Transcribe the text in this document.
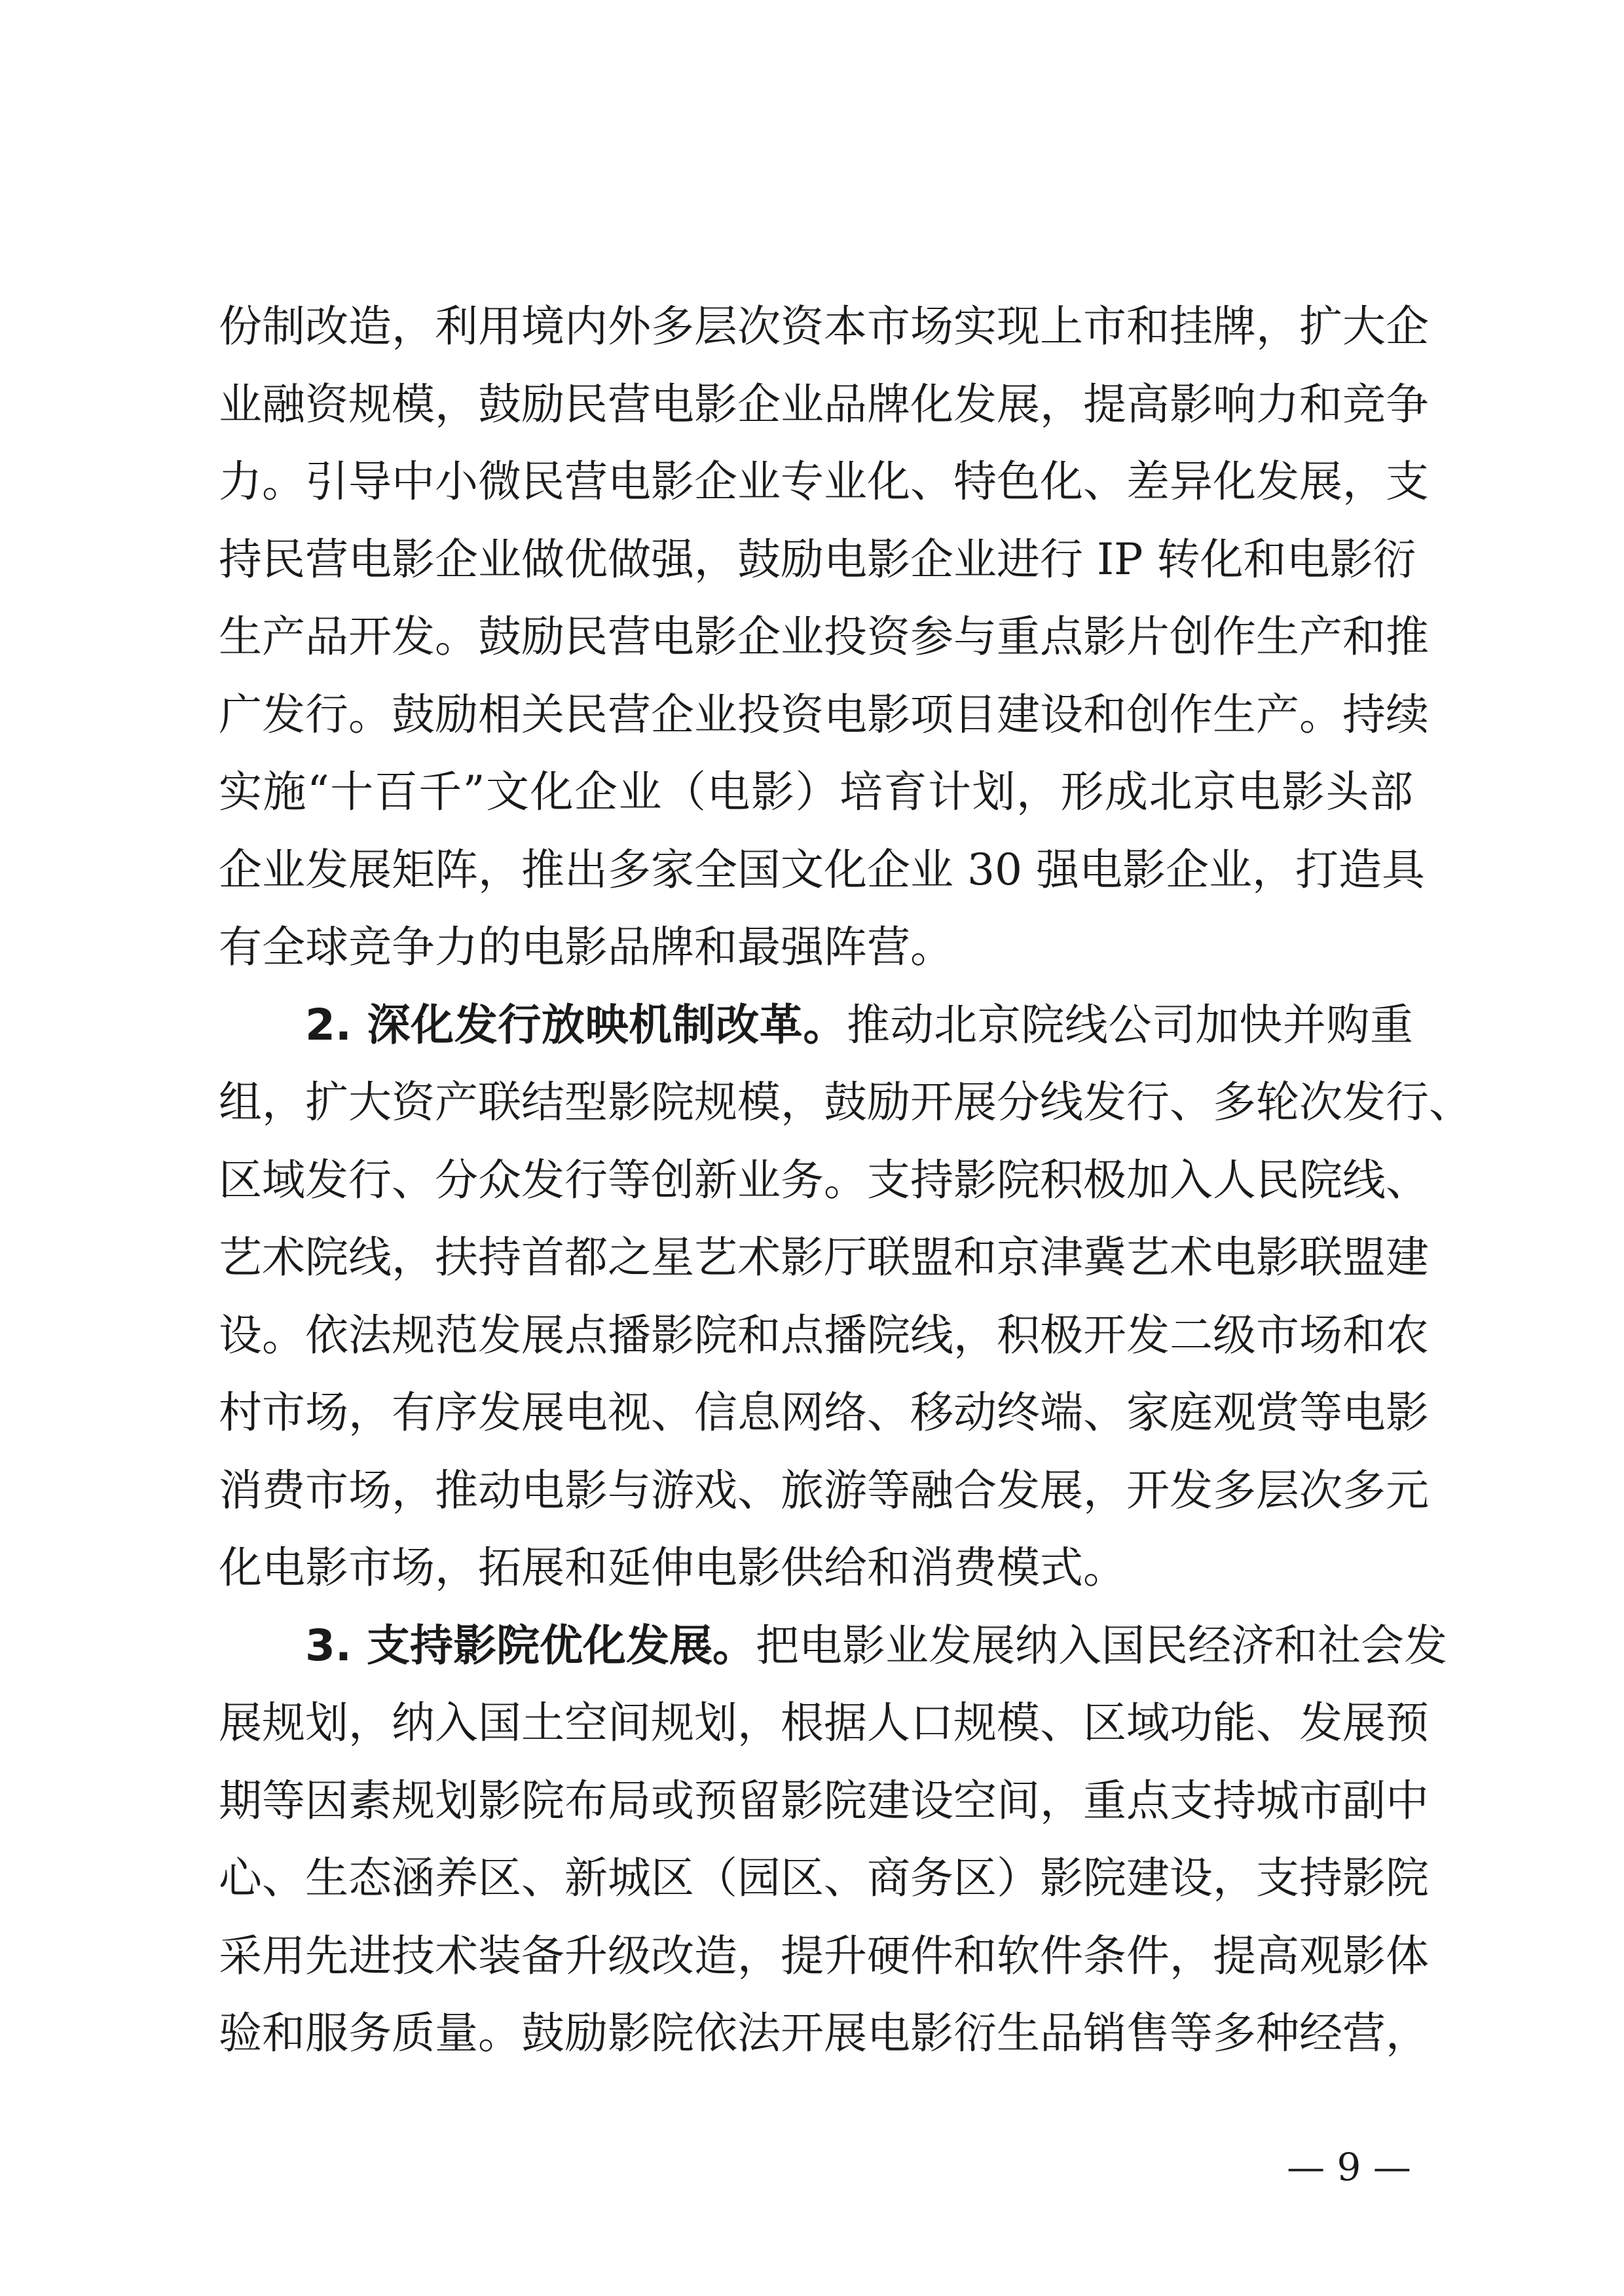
份制改造，利用境内外多层次资本市场实现上市和挂牌，扩大企
业融资规模，鼓励民营电影企业品牌化发展，提高影响力和竞争
力。引导中小微民营电影企业专业化、特色化、差异化发展，支
持民营电影企业做优做强，鼓励电影企业进行 IP 转化和电影衍
生产品开发。鼓励民营电影企业投资参与重点影片创作生产和推
广发行。鼓励相关民营企业投资电影项目建设和创作生产。持续
实施“十百千”文化企业（电影）培育计划，形成北京电影头部
企业发展矩阵，推出多家全国文化企业 30 强电影企业，打造具
有全球竞争力的电影品牌和最强阵营。
2. 深化发行放映机制改革。推动北京院线公司加快并购重
组，扩大资产联结型影院规模，鼓励开展分线发行、多轮次发行、
区域发行、分众发行等创新业务。支持影院积极加入人民院线、
艺术院线，扶持首都之星艺术影厅联盟和京津冀艺术电影联盟建
设。依法规范发展点播影院和点播院线，积极开发二级市场和农
村市场，有序发展电视、信息网络、移动终端、家庭观赏等电影
消费市场，推动电影与游戏、旅游等融合发展，开发多层次多元
化电影市场，拓展和延伸电影供给和消费模式。
3. 支持影院优化发展。把电影业发展纳入国民经济和社会发
展规划，纳入国土空间规划，根据人口规模、区域功能、发展预
期等因素规划影院布局或预留影院建设空间，重点支持城市副中
心、生态涵养区、新城区（园区、商务区）影院建设，支持影院
采用先进技术装备升级改造，提升硬件和软件条件，提高观影体
验和服务质量。鼓励影院依法开展电影衍生品销售等多种经营，
— 9 —
